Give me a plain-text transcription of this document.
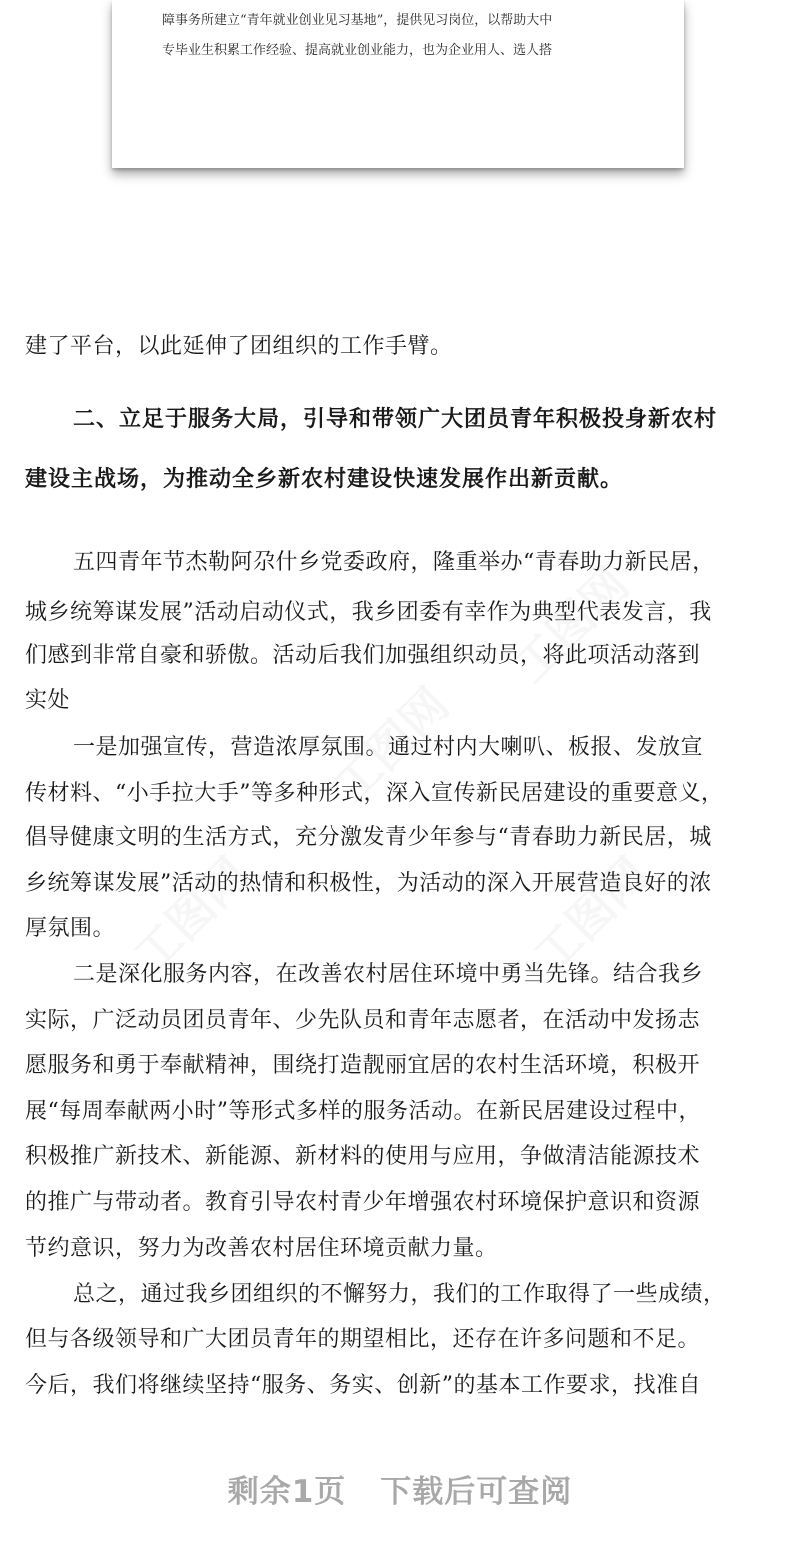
障事务所建立“青年就业创业见习基地”，提供见习岗位，以帮助大中
专毕业生积累工作经验、提高就业创业能力，也为企业用人、选人搭
建了平台，以此延伸了团组织的工作手臂。
二、立足于服务大局，引导和带领广大团员青年积极投身新农村
建设主战场，为推动全乡新农村建设快速发展作出新贡献。
五四青年节杰勒阿尕什乡党委政府，隆重举办“青春助力新民居，
城乡统筹谋发展”活动启动仪式，我乡团委有幸作为典型代表发言，我
们感到非常自豪和骄傲。活动后我们加强组织动员，将此项活动落到
实处
一是加强宣传，营造浓厚氛围。通过村内大喇叭、板报、发放宣
传材料、“小手拉大手”等多种形式，深入宣传新民居建设的重要意义，
倡导健康文明的生活方式，充分激发青少年参与“青春助力新民居，城
乡统筹谋发展”活动的热情和积极性，为活动的深入开展营造良好的浓
厚氛围。
二是深化服务内容，在改善农村居住环境中勇当先锋。结合我乡
实际，广泛动员团员青年、少先队员和青年志愿者，在活动中发扬志
愿服务和勇于奉献精神，围绕打造靓丽宜居的农村生活环境，积极开
展“每周奉献两小时”等形式多样的服务活动。在新民居建设过程中，
积极推广新技术、新能源、新材料的使用与应用，争做清洁能源技术
的推广与带动者。教育引导农村青少年增强农村环境保护意识和资源
节约意识，努力为改善农村居住环境贡献力量。
总之，通过我乡团组织的不懈努力，我们的工作取得了一些成绩，
但与各级领导和广大团员青年的期望相比，还存在许多问题和不足。
今后，我们将继续坚持“服务、务实、创新”的基本工作要求，找准自
剩余1页 下载后可查阅
